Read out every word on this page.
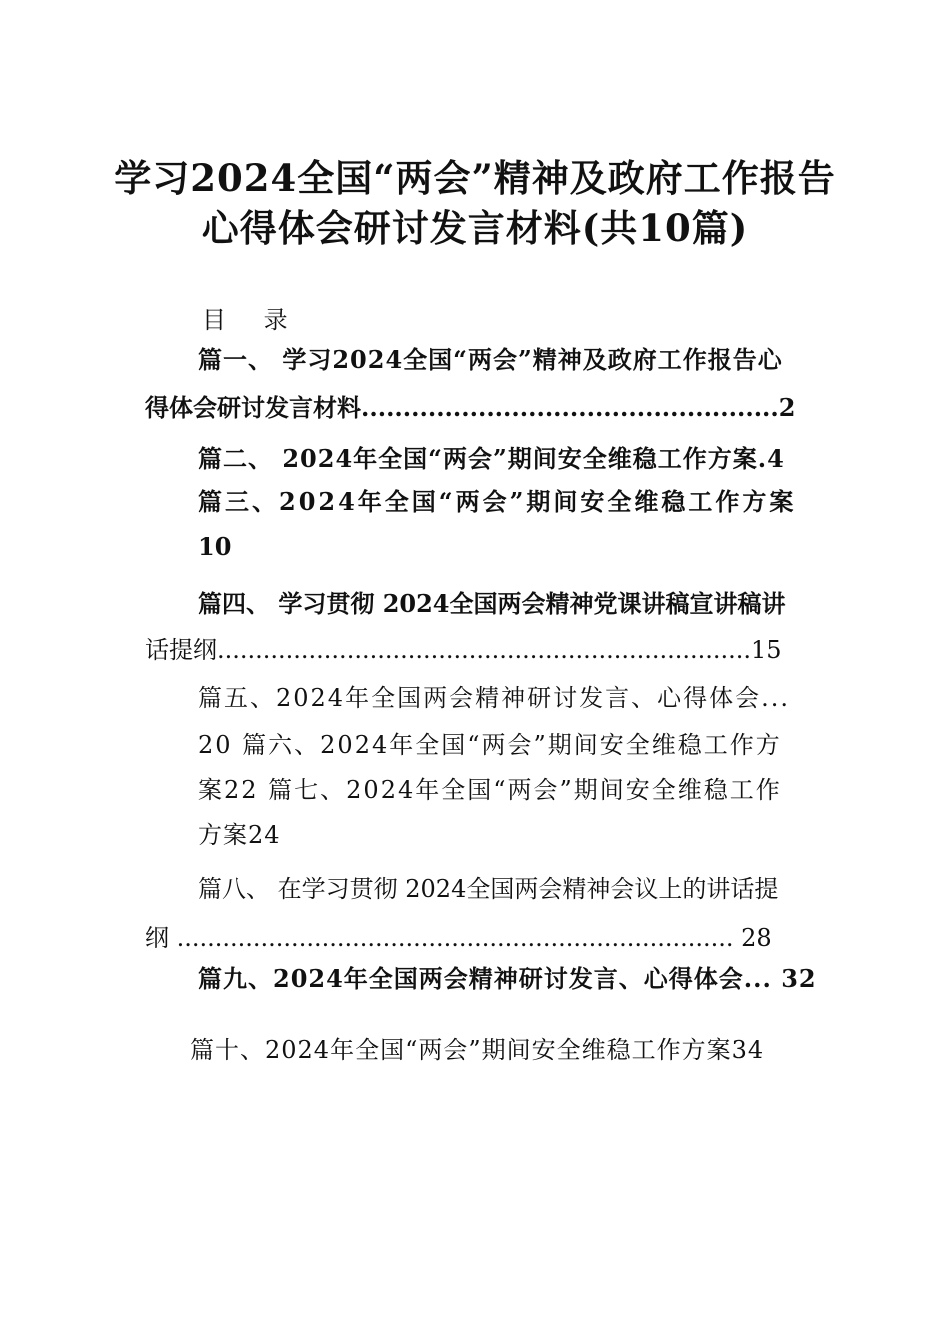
学习2024全国“两会”精神及政府工作报告
心得体会研讨发言材料(共10篇)
目 录
篇一、 学习2024全国“两会”精神及政府工作报告心
得体会研讨发言材料..................................................2
篇二、 2024年全国“两会”期间安全维稳工作方案.4
篇三、2024年全国“两会”期间安全维稳工作方案
10
篇四、 学习贯彻 2024全国两会精神党课讲稿宣讲稿讲
话提纲......................................................................15
篇五、2024年全国两会精神研讨发言、心得体会...
20 篇六、2024年全国“两会”期间安全维稳工作方
案22 篇七、2024年全国“两会”期间安全维稳工作
方案24
篇八、 在学习贯彻 2024全国两会精神会议上的讲话提
纲 ......................................................................... 28
篇九、2024年全国两会精神研讨发言、心得体会... 32
篇十、2024年全国“两会”期间安全维稳工作方案34
